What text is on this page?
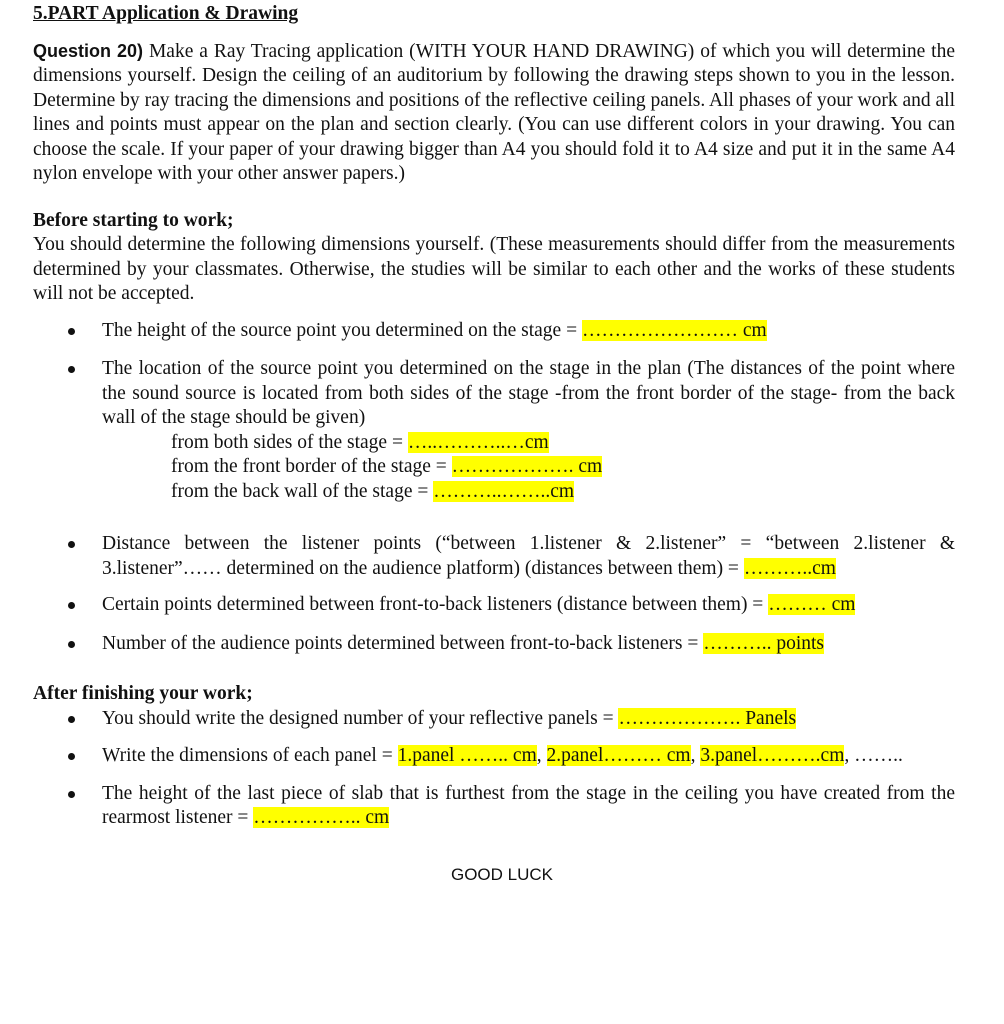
5.PART Application & Drawing

Question 20) Make a Ray Tracing application (WITH YOUR HAND DRAWING) of which you will determine the dimensions yourself. Design the ceiling of an auditorium by following the drawing steps shown to you in the lesson. Determine by ray tracing the dimensions and positions of the reflective ceiling panels. All phases of your work and all lines and points must appear on the plan and section clearly. (You can use different colors in your drawing. You can choose the scale. If your paper of your drawing bigger than A4 you should fold it to A4 size and put it in the same A4 nylon envelope with your other answer papers.)

Before starting to work;

You should determine the following dimensions yourself. (These measurements should differ from the measurements determined by your classmates. Otherwise, the studies will be similar to each other and the works of these students will not be accepted.

The height of the source point you determined on the stage = …………………… cm
The location of the source point you determined on the stage in the plan (The distances of the point where the sound source is located from both sides of the stage -from the front border of the stage- from the back wall of the stage should be given)
from both sides of the stage = …..………..…cm
from the front border of the stage = ………………. cm
from the back wall of the stage = ………..……..cm
Distance between the listener points (“between 1.listener & 2.listener” = “between 2.listener & 3.listener”…… determined on the audience platform) (distances between them) = ………..cm
Certain points determined between front-to-back listeners (distance between them) = ……… cm
Number of the audience points determined between front-to-back listeners = ……….. points
After finishing your work;
You should write the designed number of your reflective panels = ………………. Panels
Write the dimensions of each panel = 1.panel …….. cm, 2.panel……… cm, 3.panel……….cm, ……..
The height of the last piece of slab that is furthest from the stage in the ceiling you have created from the rearmost listener = …………….. cm
GOOD LUCK
